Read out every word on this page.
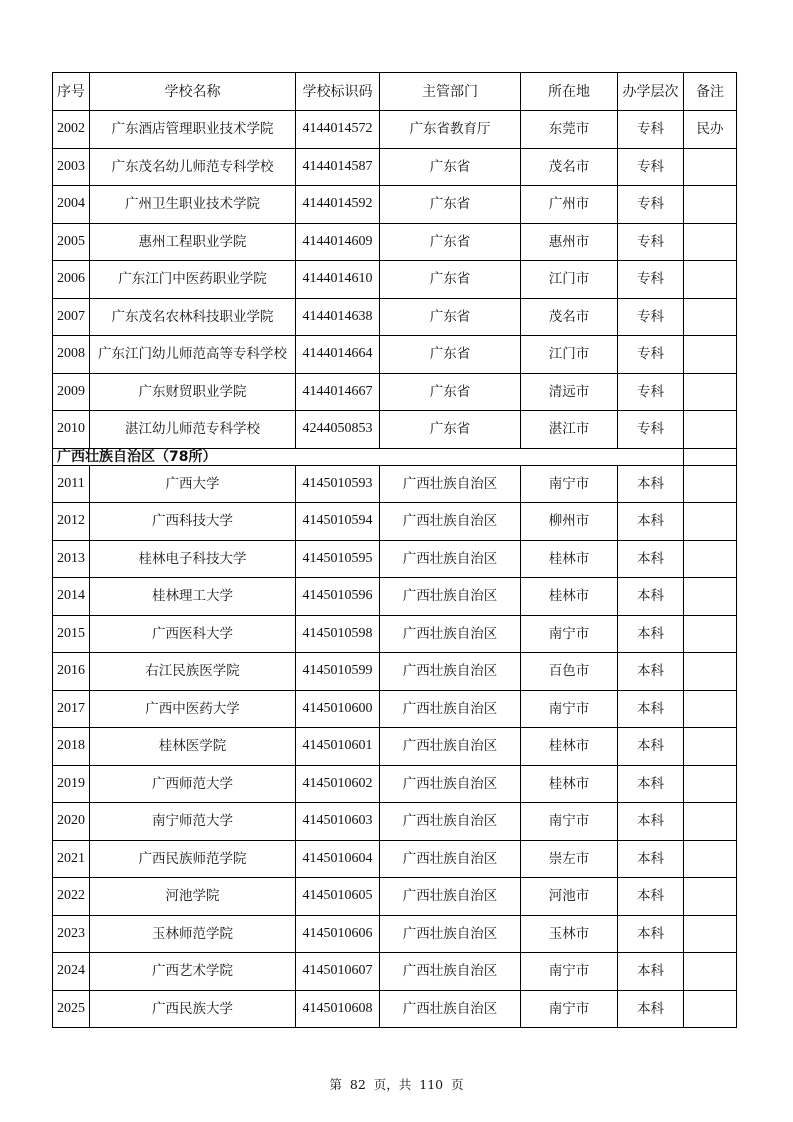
序号	学校名称	学校标识码	主管部门	所在地	办学层次	备注
2002	广东酒店管理职业技术学院	4144014572	广东省教育厅	东莞市	专科	民办
2003	广东茂名幼儿师范专科学校	4144014587	广东省	茂名市	专科	
2004	广州卫生职业技术学院	4144014592	广东省	广州市	专科	
2005	惠州工程职业学院	4144014609	广东省	惠州市	专科	
2006	广东江门中医药职业学院	4144014610	广东省	江门市	专科	
2007	广东茂名农林科技职业学院	4144014638	广东省	茂名市	专科	
2008	广东江门幼儿师范高等专科学校	4144014664	广东省	江门市	专科	
2009	广东财贸职业学院	4144014667	广东省	清远市	专科	
2010	湛江幼儿师范专科学校	4244050853	广东省	湛江市	专科	
广西壮族自治区（78所）						
2011	广西大学	4145010593	广西壮族自治区	南宁市	本科	
2012	广西科技大学	4145010594	广西壮族自治区	柳州市	本科	
2013	桂林电子科技大学	4145010595	广西壮族自治区	桂林市	本科	
2014	桂林理工大学	4145010596	广西壮族自治区	桂林市	本科	
2015	广西医科大学	4145010598	广西壮族自治区	南宁市	本科	
2016	右江民族医学院	4145010599	广西壮族自治区	百色市	本科	
2017	广西中医药大学	4145010600	广西壮族自治区	南宁市	本科	
2018	桂林医学院	4145010601	广西壮族自治区	桂林市	本科	
2019	广西师范大学	4145010602	广西壮族自治区	桂林市	本科	
2020	南宁师范大学	4145010603	广西壮族自治区	南宁市	本科	
2021	广西民族师范学院	4145010604	广西壮族自治区	崇左市	本科	
2022	河池学院	4145010605	广西壮族自治区	河池市	本科	
2023	玉林师范学院	4145010606	广西壮族自治区	玉林市	本科	
2024	广西艺术学院	4145010607	广西壮族自治区	南宁市	本科	
2025	广西民族大学	4145010608	广西壮族自治区	南宁市	本科	
第 82 页，共 110 页
